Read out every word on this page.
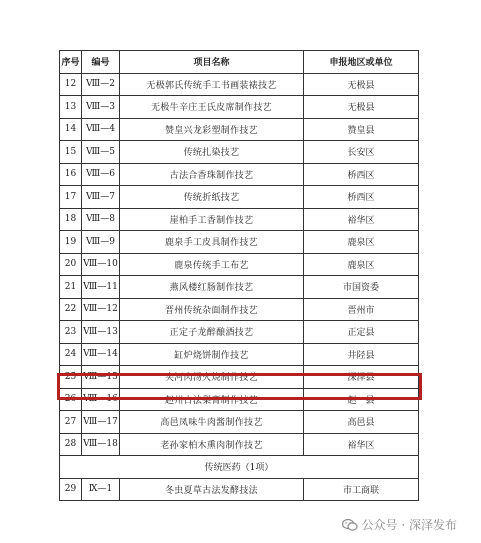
序号	编号	项目名称	申报地区或单位
12	Ⅷ—2	无极郭氏传统手工书画装裱技艺	无极县
13	Ⅷ—3	无极牛辛庄王氏皮席制作技艺	无极县
14	Ⅷ—4	赞皇兴龙彩塑制作技艺	赞皇县
15	Ⅷ—5	传统扎染技艺	长安区
16	Ⅷ—6	古法合香珠制作技艺	桥西区
17	Ⅷ—7	传统折纸技艺	桥西区
18	Ⅷ—8	崖柏手工香制作技艺	裕华区
19	Ⅷ—9	鹿泉手工皮具制作技艺	鹿泉区
20	Ⅷ—10	鹿泉传统手工布艺	鹿泉区
21	Ⅷ—11	燕风楼红肠制作技艺	市国资委
22	Ⅷ—12	晋州传统杂面制作技艺	晋州市
23	Ⅷ—13	正定子龙醉酿酒技艺	正定县
24	Ⅷ—14	缸炉烧饼制作技艺	井陉县
25	Ⅷ—15	夹河肉汤火烧制作技艺	深泽县
26	Ⅷ—16	赵州古法梨膏制作技艺	赵　县
27	Ⅷ—17	高邑凤味牛肉酱制作技艺	高邑县
28	Ⅷ—18	老孙家柏木熏肉制作技艺	裕华区
传统医药（1项）			
29	Ⅸ—1	冬虫夏草古法发酵技法	市工商联
公众号 · 深泽发布
